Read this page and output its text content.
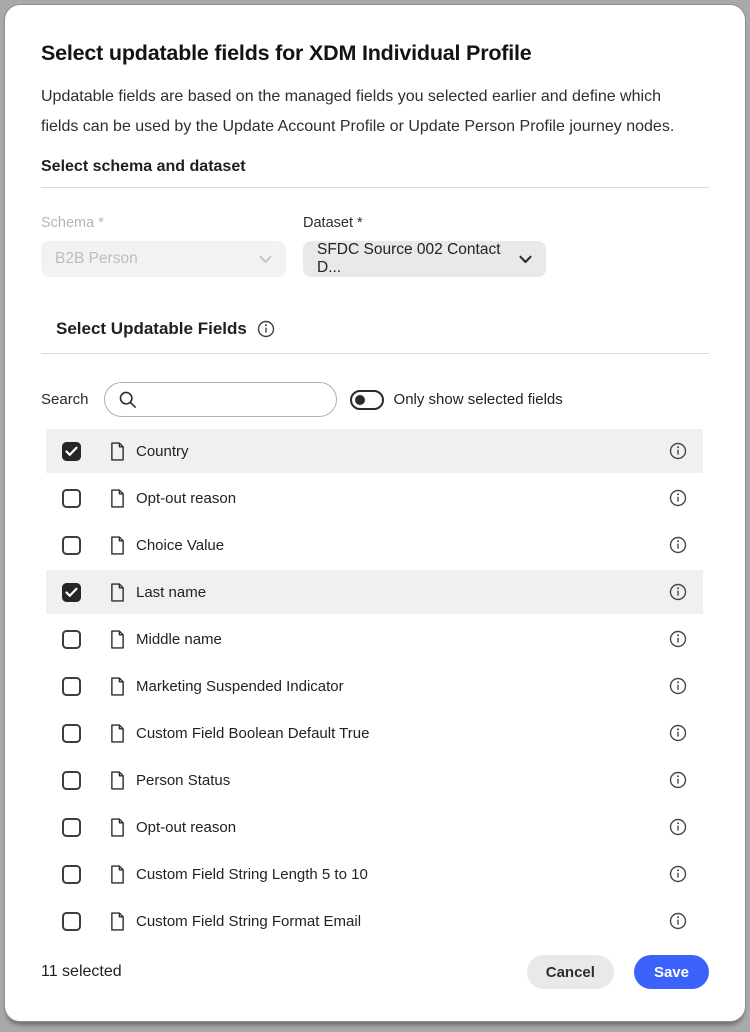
Select updatable fields for XDM Individual Profile
Updatable fields are based on the managed fields you selected earlier and define which
fields can be used by the Update Account Profile or Update Person Profile journey nodes.
Select schema and dataset
Schema *
B2B Person
Dataset *
SFDC Source 002 Contact D...
Select Updatable Fields
Search	Only show selected fields
Country
Opt-out reason
Choice Value
Last name
Middle name
Marketing Suspended Indicator
Custom Field Boolean Default True
Person Status
Opt-out reason
Custom Field String Length 5 to 10
Custom Field String Format Email
11 selected	Cancel	Save
